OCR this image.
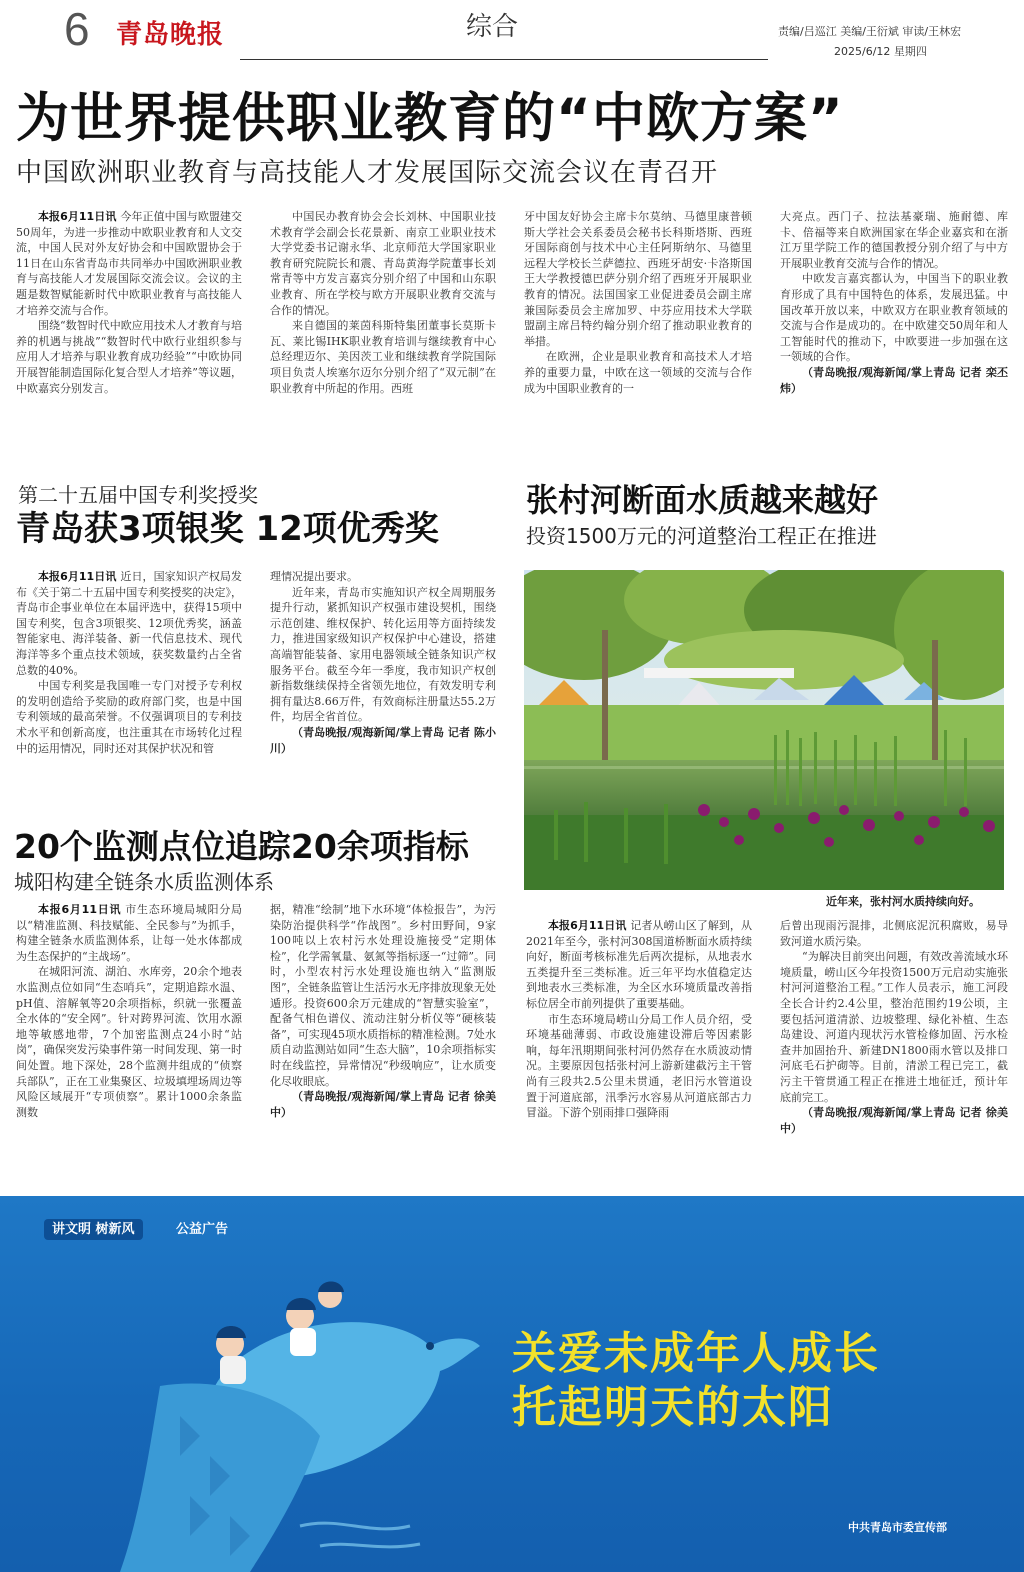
6 青岛晚报	综合	责编/吕巡江 美编/王衍斌 审读/王林宏
2025/6/12 星期四
为世界提供职业教育的“中欧方案”
中国欧洲职业教育与高技能人才发展国际交流会议在青召开

本报6月11日讯 今年正值中国与欧盟建交50周年，为进一步推动中欧职业教育和人文交流，中国人民对外友好协会和中国欧盟协会于11日在山东省青岛市共同举办中国欧洲职业教育与高技能人才发展国际交流会议。会议的主题是数智赋能新时代中欧职业教育与高技能人才培养交流与合作。

围绕“数智时代中欧应用技术人才教育与培养的机遇与挑战”“数智时代中欧行业组织参与应用人才培养与职业教育成功经验”“中欧协同开展智能制造国际化复合型人才培养”等议题，中欧嘉宾分别发言。

中国民办教育协会会长刘林、中国职业技术教育学会副会长花景新、南京工业职业技术大学党委书记谢永华、北京师范大学国家职业教育研究院院长和震、青岛黄海学院董事长刘常青等中方发言嘉宾分别介绍了中国和山东职业教育、所在学校与欧方开展职业教育交流与合作的情况。

来自德国的莱茵科斯特集团董事长莫斯卡瓦、莱比锡IHK职业教育培训与继续教育中心总经理迈尔、美因茨工业和继续教育学院国际项目负责人埃塞尔迈尔分别介绍了“双元制”在职业教育中所起的作用。西班

牙中国友好协会主席卡尔莫纳、马德里康普顿斯大学社会关系委员会秘书长科斯塔斯、西班牙国际商创与技术中心主任阿斯纳尔、马德里远程大学校长兰萨德拉、西班牙胡安·卡洛斯国王大学教授德巴萨分别介绍了西班牙开展职业教育的情况。法国国家工业促进委员会副主席兼国际委员会主席加罗、中芬应用技术大学联盟副主席吕特约翰分别介绍了推动职业教育的举措。

在欧洲，企业是职业教育和高技术人才培养的重要力量，中欧在这一领域的交流与合作成为中国职业教育的一

大亮点。西门子、拉法基豪瑞、施耐德、库卡、倍福等来自欧洲国家在华企业嘉宾和在浙江万里学院工作的德国教授分别介绍了与中方开展职业教育交流与合作的情况。

中欧发言嘉宾都认为，中国当下的职业教育形成了具有中国特色的体系，发展迅猛。中国改革开放以来，中欧双方在职业教育领域的交流与合作是成功的。在中欧建交50周年和人工智能时代的推动下，中欧要进一步加强在这一领域的合作。

（青岛晚报/观海新闻/掌上青岛 记者 栾丕炜）

第二十五届中国专利奖授奖
青岛获3项银奖 12项优秀奖

本报6月11日讯 近日，国家知识产权局发布《关于第二十五届中国专利奖授奖的决定》，青岛市企事业单位在本届评选中，获得15项中国专利奖，包含3项银奖、12项优秀奖，涵盖智能家电、海洋装备、新一代信息技术、现代海洋等多个重点技术领域，获奖数量约占全省总数的40%。

中国专利奖是我国唯一专门对授予专利权的发明创造给予奖励的政府部门奖，也是中国专利领域的最高荣誉。不仅强调项目的专利技术水平和创新高度，也注重其在市场转化过程中的运用情况，同时还对其保护状况和管

理情况提出要求。

近年来，青岛市实施知识产权全周期服务提升行动，紧抓知识产权强市建设契机，围绕示范创建、维权保护、转化运用等方面持续发力，推进国家级知识产权保护中心建设，搭建高端智能装备、家用电器领域全链条知识产权服务平台。截至今年一季度，我市知识产权创新指数继续保持全省领先地位，有效发明专利拥有量达8.66万件，有效商标注册量达55.2万件，均居全省首位。

（青岛晚报/观海新闻/掌上青岛 记者 陈小川）

20个监测点位追踪20余项指标
城阳构建全链条水质监测体系

本报6月11日讯 市生态环境局城阳分局以“精准监测、科技赋能、全民参与”为抓手，构建全链条水质监测体系，让每一处水体都成为生态保护的“主战场”。

在城阳河流、湖泊、水库旁，20余个地表水监测点位如同“生态哨兵”，定期追踪水温、pH值、溶解氧等20余项指标，织就一张覆盖全水体的“安全网”。针对跨界河流、饮用水源地等敏感地带，7个加密监测点24小时“站岗”，确保突发污染事件第一时间发现、第一时间处置。地下深处，28个监测井组成的“侦察兵部队”，正在工业集聚区、垃圾填埋场周边等风险区域展开“专项侦察”。累计1000余条监测数

据，精准“绘制”地下水环境“体检报告”，为污染防治提供科学“作战图”。乡村田野间，9家100吨以上农村污水处理设施接受“定期体检”，化学需氧量、氨氮等指标逐一“过筛”。同时，小型农村污水处理设施也纳入“监测版图”，全链条监管让生活污水无序排放现象无处遁形。投资600余万元建成的“智慧实验室”，配备气相色谱仪、流动注射分析仪等“硬核装备”，可实现45项水质指标的精准检测。7处水质自动监测站如同“生态大脑”，10余项指标实时在线监控，异常情况“秒级响应”，让水质变化尽收眼底。

（青岛晚报/观海新闻/掌上青岛 记者 徐美中）

张村河断面水质越来越好
投资1500万元的河道整治工程正在推进
近年来，张村河水质持续向好。

本报6月11日讯 记者从崂山区了解到，从2021年至今，张村河308国道桥断面水质持续向好，断面考核标准先后两次提标，从地表水五类提升至三类标准。近三年平均水值稳定达到地表水三类标准，为全区水环境质量改善指标位居全市前列提供了重要基础。

市生态环境局崂山分局工作人员介绍，受环境基础薄弱、市政设施建设滞后等因素影响，每年汛期期间张村河仍然存在水质波动情况。主要原因包括张村河上游新建截污主干管尚有三段共2.5公里未贯通，老旧污水管道设置于河道底部，汛季污水容易从河道底部古力冒溢。下游个别雨排口强降雨

后曾出现雨污混排，北侧底泥沉积腐败，易导致河道水质污染。

“为解决目前突出问题，有效改善流域水环境质量，崂山区今年投资1500万元启动实施张村河河道整治工程。”工作人员表示，施工河段全长合计约2.4公里，整治范围约19公顷，主要包括河道清淤、边坡整理、绿化补植、生态岛建设、河道内现状污水管检修加固、污水检查井加固抬升、新建DN1800雨水管以及排口河底毛石护砌等。目前，清淤工程已完工，截污主干管贯通工程正在推进土地征迁，预计年底前完工。

（青岛晚报/观海新闻/掌上青岛 记者 徐美中）

讲文明 树新风	公益广告
关爱未成年人成长
托起明天的太阳
中共青岛市委宣传部
